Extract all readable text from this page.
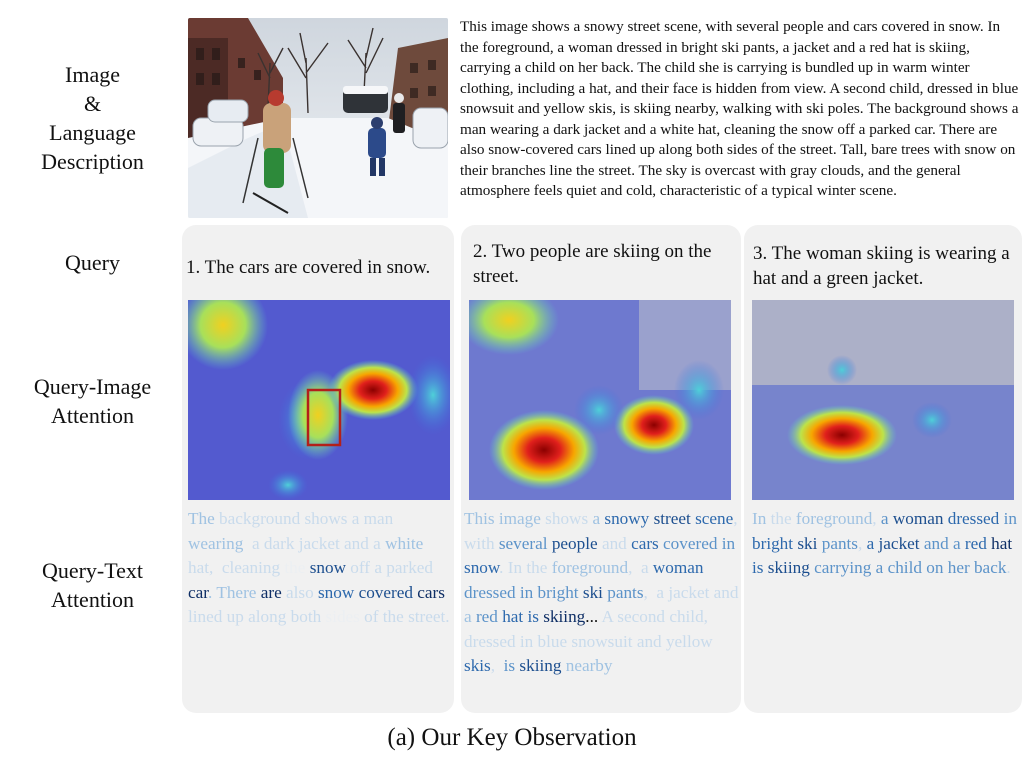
Image
&
Language
Description
Query
Query-Image
Attention
Query-Text
Attention

This image shows a snowy street scene, with several people and cars covered in snow. In the foreground, a woman dressed in bright ski pants, a jacket and a red hat is skiing, carrying a child on her back. The child she is carrying is bundled up in warm winter clothing, including a hat, and their face is hidden from view. A second child, dressed in blue snowsuit and yellow skis, is skiing nearby, walking with ski poles. The background shows a man wearing a dark jacket and a white hat, cleaning the snow off a parked car. There are also snow-covered cars lined up along both sides of the street. Tall, bare trees with snow on their branches line the street. The sky is overcast with gray clouds, and the general atmosphere feels quiet and cold, characteristic of a typical winter scene.

1. The cars are covered in snow.

The background shows a man wearing  a dark jacket and a white hat,  cleaning the snow off a parked car. There are also snow covered cars lined up along both sides of the street.

2. Two people are skiing on the street.

This image shows a snowy street scene, with several people and cars covered in snow. In the foreground,  a woman dressed in bright ski pants,  a jacket and a red hat is skiing... A second child, dressed in blue snowsuit and yellow skis,  is skiing nearby

3. The woman skiing is wearing a hat and a green jacket.

In the foreground, a woman dressed in bright ski pants, a jacket and a red hat is skiing carrying a child on her back.

(a) Our Key Observation
